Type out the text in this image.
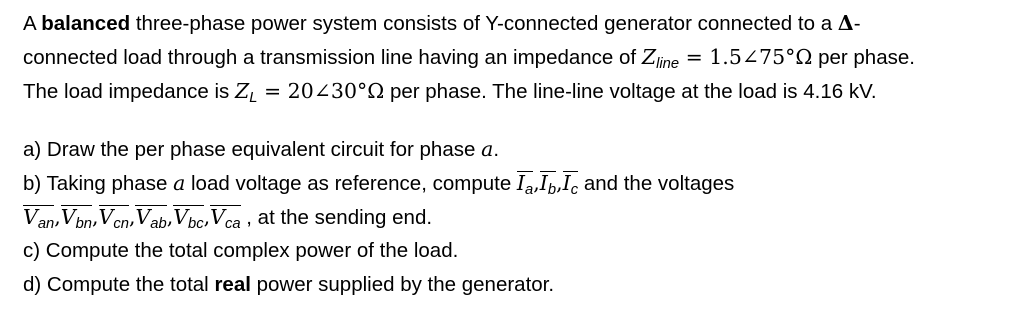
A balanced three-phase power system consists of Y-connected generator connected to a Δ-
connected load through a transmission line having an impedance of $Z_{line}$ = 1.5∠75°Ω per phase.
The load impedance is $Z_L$ = 20∠30°Ω per phase. The line-line voltage at the load is 4.16 kV.
a) Draw the per phase equivalent circuit for phase a.
b) Taking phase a load voltage as reference, compute $I_a,I_b,I_c$ and the voltages
$V_{an},V_{bn},V_{cn},V_{ab},V_{bc},V_{ca}$ , at the sending end.
c) Compute the total complex power of the load.
d) Compute the total real power supplied by the generator.
